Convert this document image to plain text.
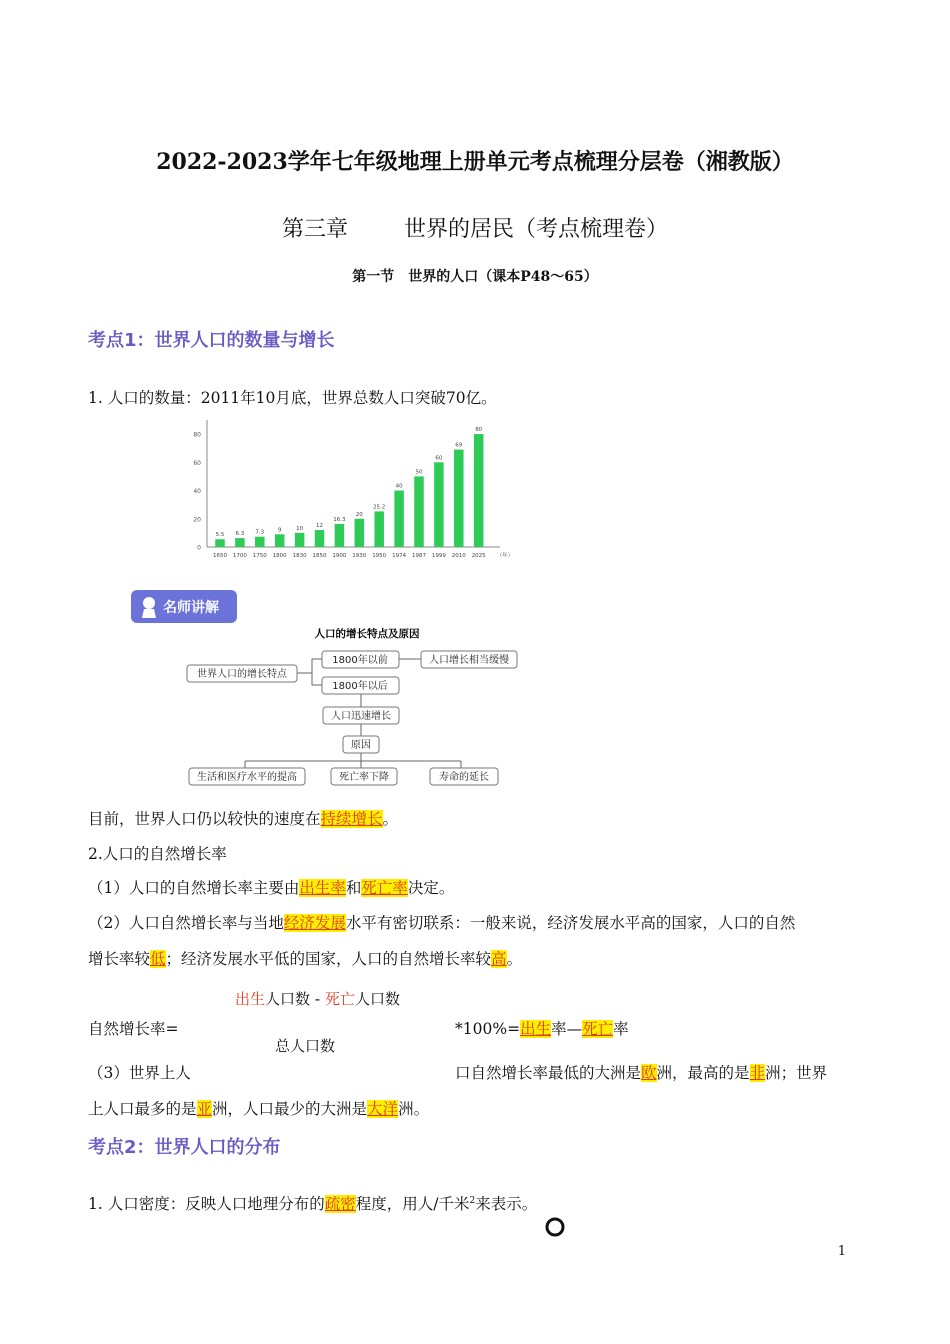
2022-2023学年七年级地理上册单元考点梳理分层卷（湘教版）
第三章	世界的居民（考点梳理卷）
第一节　世界的人口（课本P48～65）
考点1：世界人口的数量与增长
1. 人口的数量：2011年10月底，世界总数人口突破70亿。
0
20
40
60
80
5.5
1650
6.3
1700
7.3
1750
9
1800
10
1830
12
1850
16.3
1900
20
1930
25.2
1950
40
1974
50
1987
60
1999
69
2010
80
2025 （年）
名师讲解
人口的增长特点及原因
世界人口的增长特点
1800年以前	人口增长相当缓慢
1800年以后
人口迅速增长
原因
生活和医疗水平的提高	死亡率下降	寿命的延长
目前，世界人口仍以较快的速度在持续增长。
2.人口的自然增长率
（1）人口的自然增长率主要由出生率和死亡率决定。
（2）人口自然增长率与当地经济发展水平有密切联系：一般来说，经济发展水平高的国家，人口的自然
增长率较低；经济发展水平低的国家，人口的自然增长率较高。
出生人口数 - 死亡人口数
自然增长率=	*100%=出生率—死亡率
总人口数
（3）世界上人	口自然增长率最低的大洲是欧洲，最高的是非洲；世界
上人口最多的是亚洲，人口最少的大洲是大洋洲。
考点2：世界人口的分布
1. 人口密度：反映人口地理分布的疏密程度，用人/千米$^2$来表示。
1
